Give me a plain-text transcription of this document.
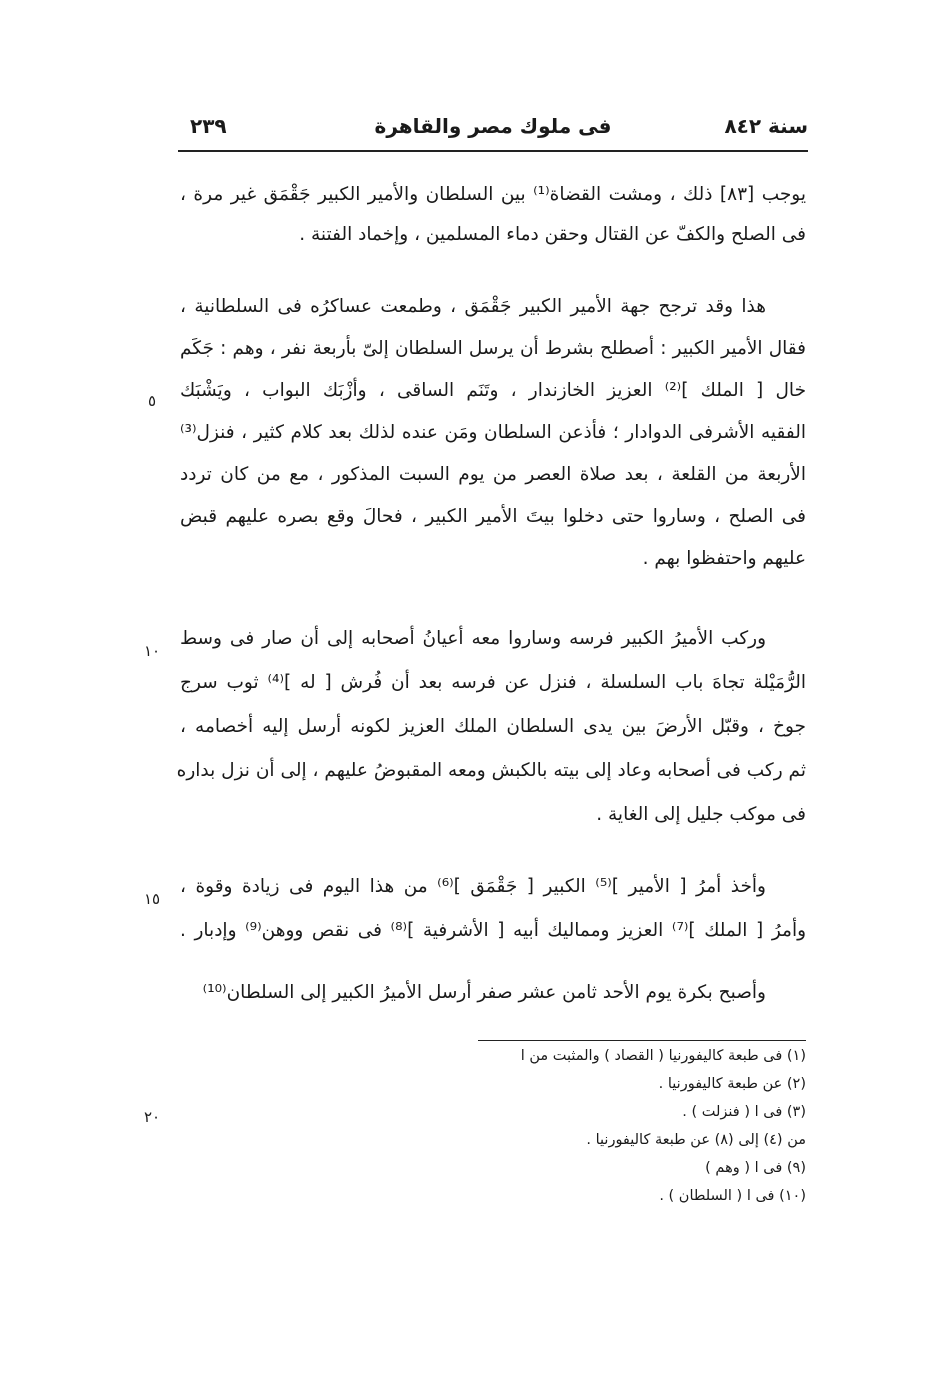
سنة ٨٤٢
فى ملوك مصر والقاهرة
٢٣٩
يوجب [٨٣] ذلك ، ومشت القضاة⁽¹⁾ بين السلطان والأمير الكبير جَقْمَق غير مرة ،
فى الصلح والكفّ عن القتال وحقن دماء المسلمين ، وإخماد الفتنة .
هذا وقد ترجح جهة الأمير الكبير جَقْمَق ، وطمعت عساكرُه فى السلطانية ،
فقال الأمير الكبير : أصطلح بشرط أن يرسل السلطان إلىّ بأربعة نفر ، وهم : جَكَم
خال [ الملك ]⁽²⁾ العزيز الخازندار ، وتَنَم الساقى ، وأزْبَك البواب ، ويَشْبَك
الفقيه الأشرفى الدوادار ؛ فأذعن السلطان ومَن عنده لذلك بعد كلام كثير ، فنزل⁽³⁾
الأربعة من القلعة ، بعد صلاة العصر من يوم السبت المذكور ، مع من كان تردد
فى الصلح ، وساروا حتى دخلوا بيتَ الأمير الكبير ، فحالَ وقع بصره عليهم قبض
عليهم واحتفظوا بهم .
وركب الأميرُ الكبير فرسه وساروا معه أعيانُ أصحابه إلى أن صار فى وسط
الرُّمَيْلة تجاهَ باب السلسلة ، فنزل عن فرسه بعد أن فُرش [ له ]⁽⁴⁾ ثوب سرج
جوخ ، وقبّل الأرضَ بين يدى السلطان الملك العزيز لكونه أرسل إليه أخصامه ،
ثم ركب فى أصحابه وعاد إلى بيته بالكبش ومعه المقبوضُ عليهم ، إلى أن نزل بداره
فى موكب جليل إلى الغاية .
وأخذ أمرُ [ الأمير ]⁽⁵⁾ الكبير [ جَقْمَق ]⁽⁶⁾ من هذا اليوم فى زيادة وقوة ،
وأمرُ [ الملك ]⁽⁷⁾ العزيز ومماليك أبيه [ الأشرفية ]⁽⁸⁾ فى نقص ووهن⁽⁹⁾ وإدبار .
وأصبح بكرة يوم الأحد ثامن عشر صفر أرسل الأميرُ الكبير إلى السلطان⁽¹⁰⁾
٥
١٠
١٥
٢٠
(١) فى طبعة كاليفورنيا ( القصاد ) والمثبت من ا
(٢) عن طبعة كاليفورنيا .
(٣) فى ا ( فنزلت ) .
من (٤) إلى (٨) عن طبعة كاليفورنيا .
(٩) فى ا ( وهم )
(١٠) فى ا ( السلطان ) .
